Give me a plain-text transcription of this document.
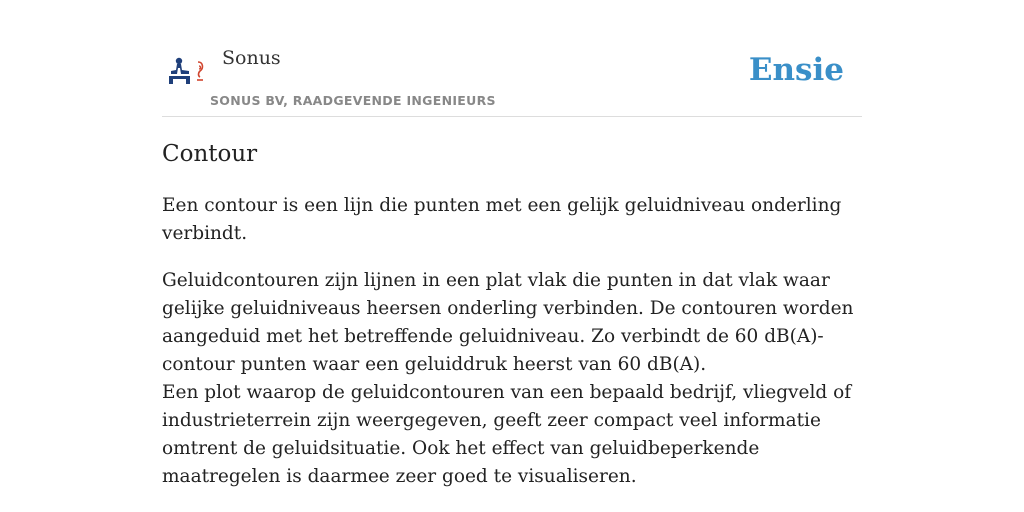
Sonus
SONUS BV, RAADGEVENDE INGENIEURS
Ensie
Contour

Een contour is een lijn die punten met een gelijk geluidniveau onderling verbindt.

Geluidcontouren zijn lijnen in een plat vlak die punten in dat vlak waar gelijke geluidniveaus heersen onderling verbinden. De contouren worden aangeduid met het betreffende geluidniveau. Zo verbindt de 60 dB(A)-contour punten waar een geluiddruk heerst van 60 dB(A).
Een plot waarop de geluidcontouren van een bepaald bedrijf, vliegveld of industrieterrein zijn weergegeven, geeft zeer compact veel informatie omtrent de geluidsituatie. Ook het effect van geluidbeperkende maatregelen is daarmee zeer goed te visualiseren.
